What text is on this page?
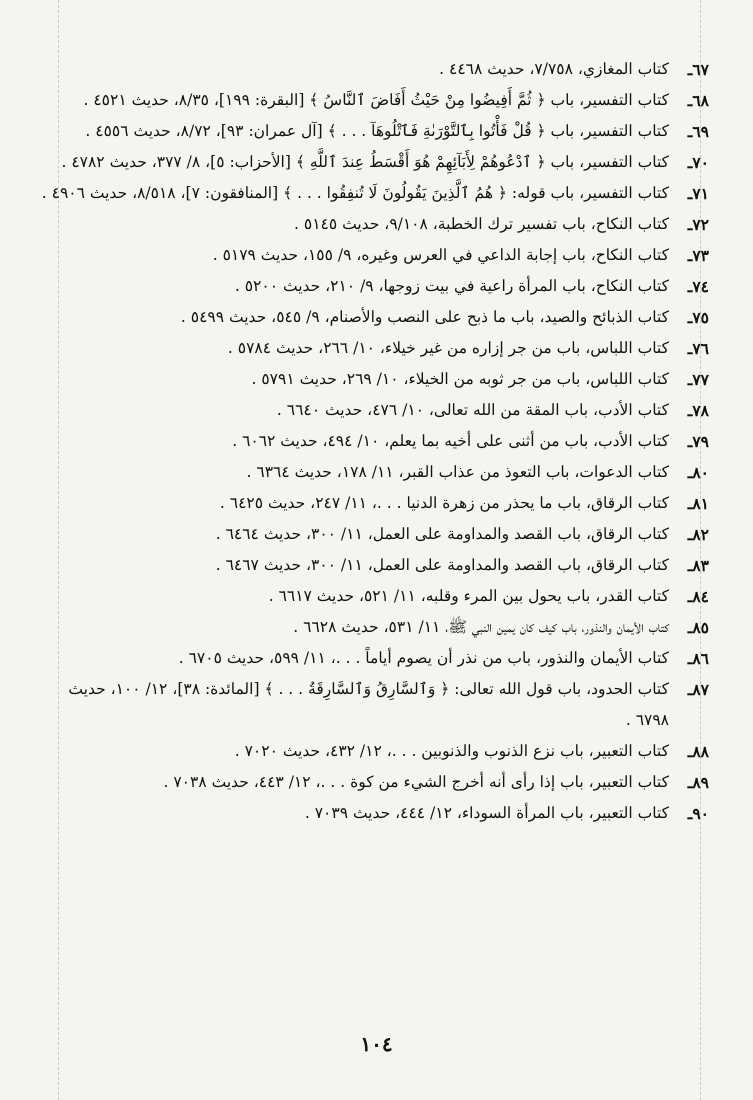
٦٧ـ
كتاب المغازي، ٧/٧٥٨، حديث ٤٤٦٨ .
٦٨ـ
كتاب التفسير، باب ﴿ ثُمَّ أَفِيضُوا مِنْ حَيْثُ أَفَاضَ ٱلنَّاسُ ﴾ [البقرة: ١٩٩]، ٨/٣٥، حديث ٤٥٢١ .
٦٩ـ
كتاب التفسير، باب ﴿ قُلْ فَأْتُوا بِٱلتَّوْرَىٰةِ فَٱتْلُوهَآ . . . ﴾ [آل عمران: ٩٣]، ٨/٧٢، حديث ٤٥٥٦ .
٧٠ـ
كتاب التفسير، باب ﴿ ٱدْعُوهُمْ لِأَبَآئِهِمْ هُوَ أَقْسَطُ عِندَ ٱللَّهِ ﴾ [الأحزاب: ٥]، ٨/ ٣٧٧، حديث ٤٧٨٢ .
٧١ـ
كتاب التفسير، باب قوله: ﴿ هُمُ ٱلَّذِينَ يَقُولُونَ لَا تُنفِقُوا . . . ﴾ [المنافقون: ٧]، ٨/٥١٨، حديث ٤٩٠٦ .
٧٢ـ
كتاب النكاح، باب تفسير ترك الخطبة، ٩/١٠٨، حديث ٥١٤٥ .
٧٣ـ
كتاب النكاح، باب إجابة الداعي في العرس وغيره، ٩/ ١٥٥، حديث ٥١٧٩ .
٧٤ـ
كتاب النكاح، باب المرأة راعية في بيت زوجها، ٩/ ٢١٠، حديث ٥٢٠٠ .
٧٥ـ
كتاب الذبائح والصيد، باب ما ذبح على النصب والأصنام، ٩/ ٥٤٥، حديث ٥٤٩٩ .
٧٦ـ
كتاب اللباس، باب من جر إزاره من غير خيلاء، ١٠/ ٢٦٦، حديث ٥٧٨٤ .
٧٧ـ
كتاب اللباس، باب من جر ثوبه من الخيلاء، ١٠/ ٢٦٩، حديث ٥٧٩١ .
٧٨ـ
كتاب الأدب، باب المقة من الله تعالى، ١٠/ ٤٧٦، حديث ٦٦٤٠ .
٧٩ـ
كتاب الأدب، باب من أثنى على أخيه بما يعلم، ١٠/ ٤٩٤، حديث ٦٠٦٢ .
٨٠ـ
كتاب الدعوات، باب التعوذ من عذاب القبر، ١١/ ١٧٨، حديث ٦٣٦٤ .
٨١ـ
كتاب الرقاق، باب ما يحذر من زهرة الدنيا . . .، ١١/ ٢٤٧، حديث ٦٤٢٥ .
٨٢ـ
كتاب الرقاق، باب القصد والمداومة على العمل، ١١/ ٣٠٠، حديث ٦٤٦٤ .
٨٣ـ
كتاب الرقاق، باب القصد والمداومة على العمل، ١١/ ٣٠٠، حديث ٦٤٦٧ .
٨٤ـ
كتاب القدر، باب يحول بين المرء وقلبه، ١١/ ٥٢١، حديث ٦٦١٧ .
٨٥ـ
كتاب الأيمان والنذور، باب كيف كان يمين النبي ﷺ، ١١/ ٥٣١، حديث ٦٦٢٨ .
٨٦ـ
كتاب الأيمان والنذور، باب من نذر أن يصوم أياماً . . .، ١١/ ٥٩٩، حديث ٦٧٠٥ .
٨٧ـ
كتاب الحدود، باب قول الله تعالى: ﴿ وَٱلسَّارِقُ وَٱلسَّارِقَةُ . . . ﴾ [المائدة: ٣٨]، ١٢/ ١٠٠، حديث ٦٧٩٨ .
٨٨ـ
كتاب التعبير، باب نزع الذنوب والذنوبين . . .، ١٢/ ٤٣٢، حديث ٧٠٢٠ .
٨٩ـ
كتاب التعبير، باب إذا رأى أنه أخرج الشيء من كوة . . .، ١٢/ ٤٤٣، حديث ٧٠٣٨ .
٩٠ـ
كتاب التعبير، باب المرأة السوداء، ١٢/ ٤٤٤، حديث ٧٠٣٩ .
١٠٤
